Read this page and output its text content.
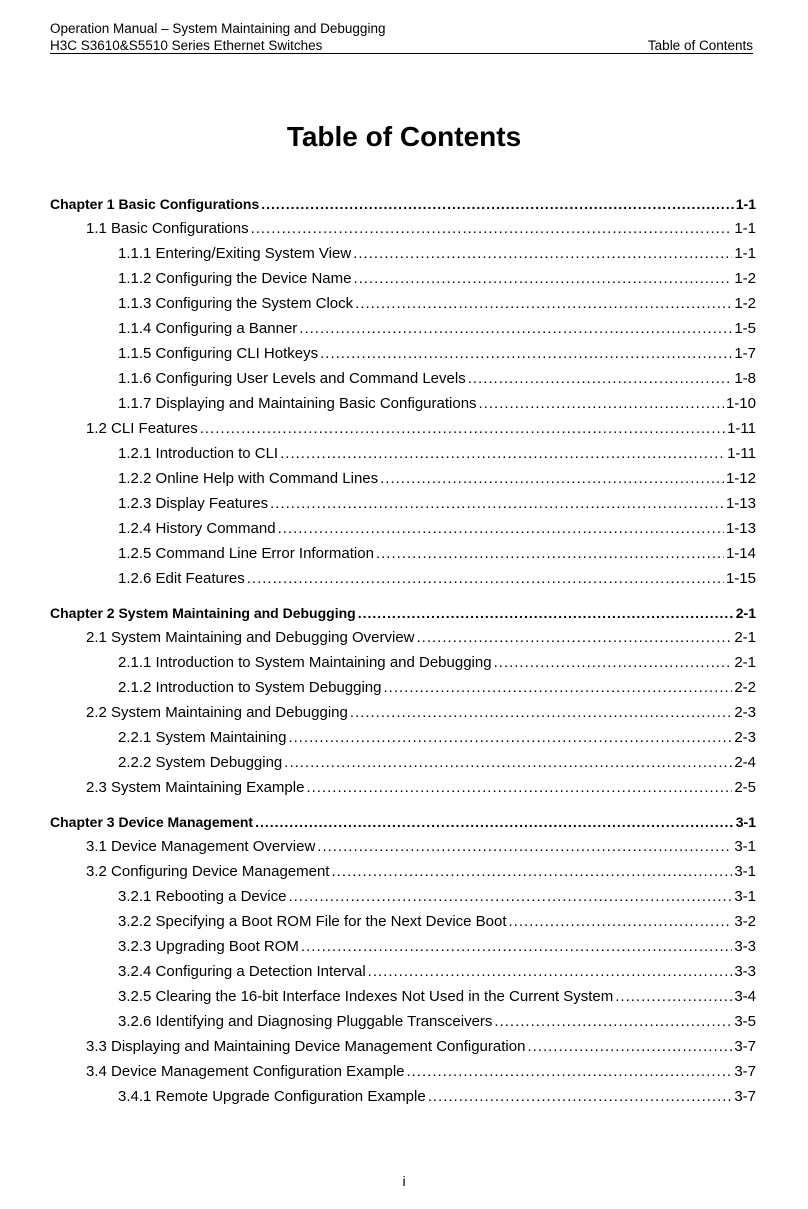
Operation Manual – System Maintaining and Debugging
H3C S3610&S5510 Series Ethernet Switches	Table of Contents
Table of Contents
Chapter 1 Basic Configurations .....	1-1
1.1 Basic Configurations .....	1-1
1.1.1 Entering/Exiting System View .....	1-1
1.1.2 Configuring the Device Name .....	1-2
1.1.3 Configuring the System Clock .....	1-2
1.1.4 Configuring a Banner .....	1-5
1.1.5 Configuring CLI Hotkeys .....	1-7
1.1.6 Configuring User Levels and Command Levels .....	1-8
1.1.7 Displaying and Maintaining Basic Configurations .....	1-10
1.2 CLI Features .....	1-11
1.2.1 Introduction to CLI .....	1-11
1.2.2 Online Help with Command Lines .....	1-12
1.2.3 Display Features .....	1-13
1.2.4 History Command .....	1-13
1.2.5 Command Line Error Information .....	1-14
1.2.6 Edit Features .....	1-15
Chapter 2 System Maintaining and Debugging .....	2-1
2.1 System Maintaining and Debugging Overview .....	2-1
2.1.1 Introduction to System Maintaining and Debugging .....	2-1
2.1.2 Introduction to System Debugging .....	2-2
2.2 System Maintaining and Debugging .....	2-3
2.2.1 System Maintaining .....	2-3
2.2.2 System Debugging .....	2-4
2.3 System Maintaining Example .....	2-5
Chapter 3 Device Management .....	3-1
3.1 Device Management Overview .....	3-1
3.2 Configuring Device Management .....	3-1
3.2.1 Rebooting a Device .....	3-1
3.2.2 Specifying a Boot ROM File for the Next Device Boot .....	3-2
3.2.3 Upgrading Boot ROM .....	3-3
3.2.4 Configuring a Detection Interval .....	3-3
3.2.5 Clearing the 16-bit Interface Indexes Not Used in the Current System .....	3-4
3.2.6 Identifying and Diagnosing Pluggable Transceivers .....	3-5
3.3 Displaying and Maintaining Device Management Configuration .....	3-7
3.4 Device Management Configuration Example .....	3-7
3.4.1 Remote Upgrade Configuration Example .....	3-7
i
